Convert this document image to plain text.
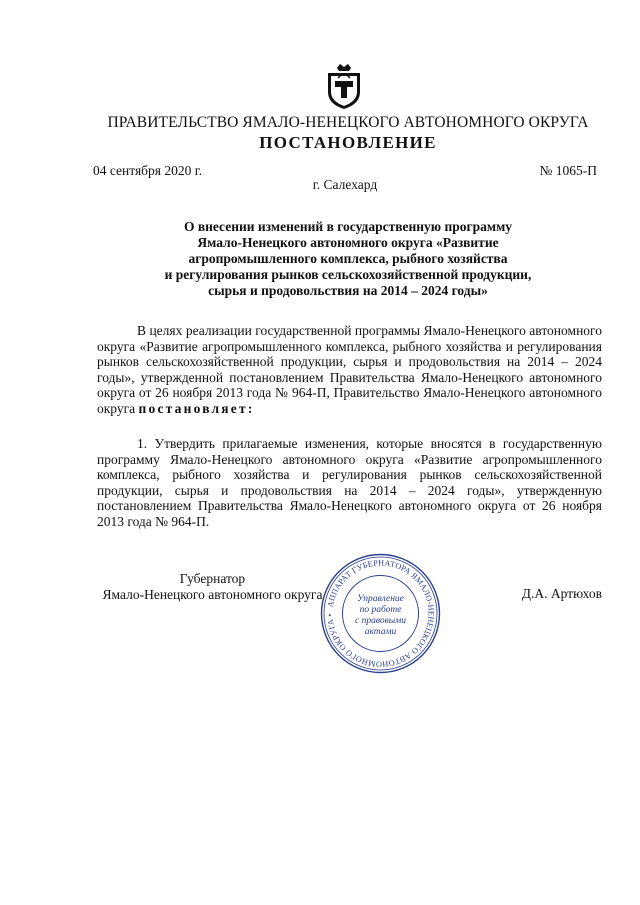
ПРАВИТЕЛЬСТВО ЯМАЛО-НЕНЕЦКОГО АВТОНОМНОГО ОКРУГА
ПОСТАНОВЛЕНИЕ
04 сентября 2020 г.	№ 1065-П
г. Салехард
О внесении изменений в государственную программу
Ямало-Ненецкого автономного округа «Развитие
агропромышленного комплекса, рыбного хозяйства
и регулирования рынков сельскохозяйственной продукции,
сырья и продовольствия на 2014 – 2024 годы»

В целях реализации государственной программы Ямало-Ненецкого автономного округа «Развитие агропромышленного комплекса, рыбного хозяйства и регулирования рынков сельскохозяйственной продукции, сырья и продовольствия на 2014 – 2024 годы», утвержденной постановлением Правительства Ямало-Ненецкого автономного округа от 26 ноября 2013 года № 964-П, Правительство Ямало-Ненецкого автономного округа постановляет:

1. Утвердить прилагаемые изменения, которые вносятся в государственную программу Ямало-Ненецкого автономного округа «Развитие агропромышленного комплекса, рыбного хозяйства и регулирования рынков сельскохозяйственной продукции, сырья и продовольствия на 2014 – 2024 годы», утвержденную постановлением Правительства Ямало-Ненецкого автономного округа от 26 ноября 2013 года № 964-П.

Губернатор
Ямало-Ненецкого автономного округа	Д.А. Артюхов
АППАРАТ ГУБЕРНАТОРА ЯМАЛО-НЕНЕЦКОГО АВТОНОМНОГО ОКРУГА •
Управление
по работе
с правовыми
актами
